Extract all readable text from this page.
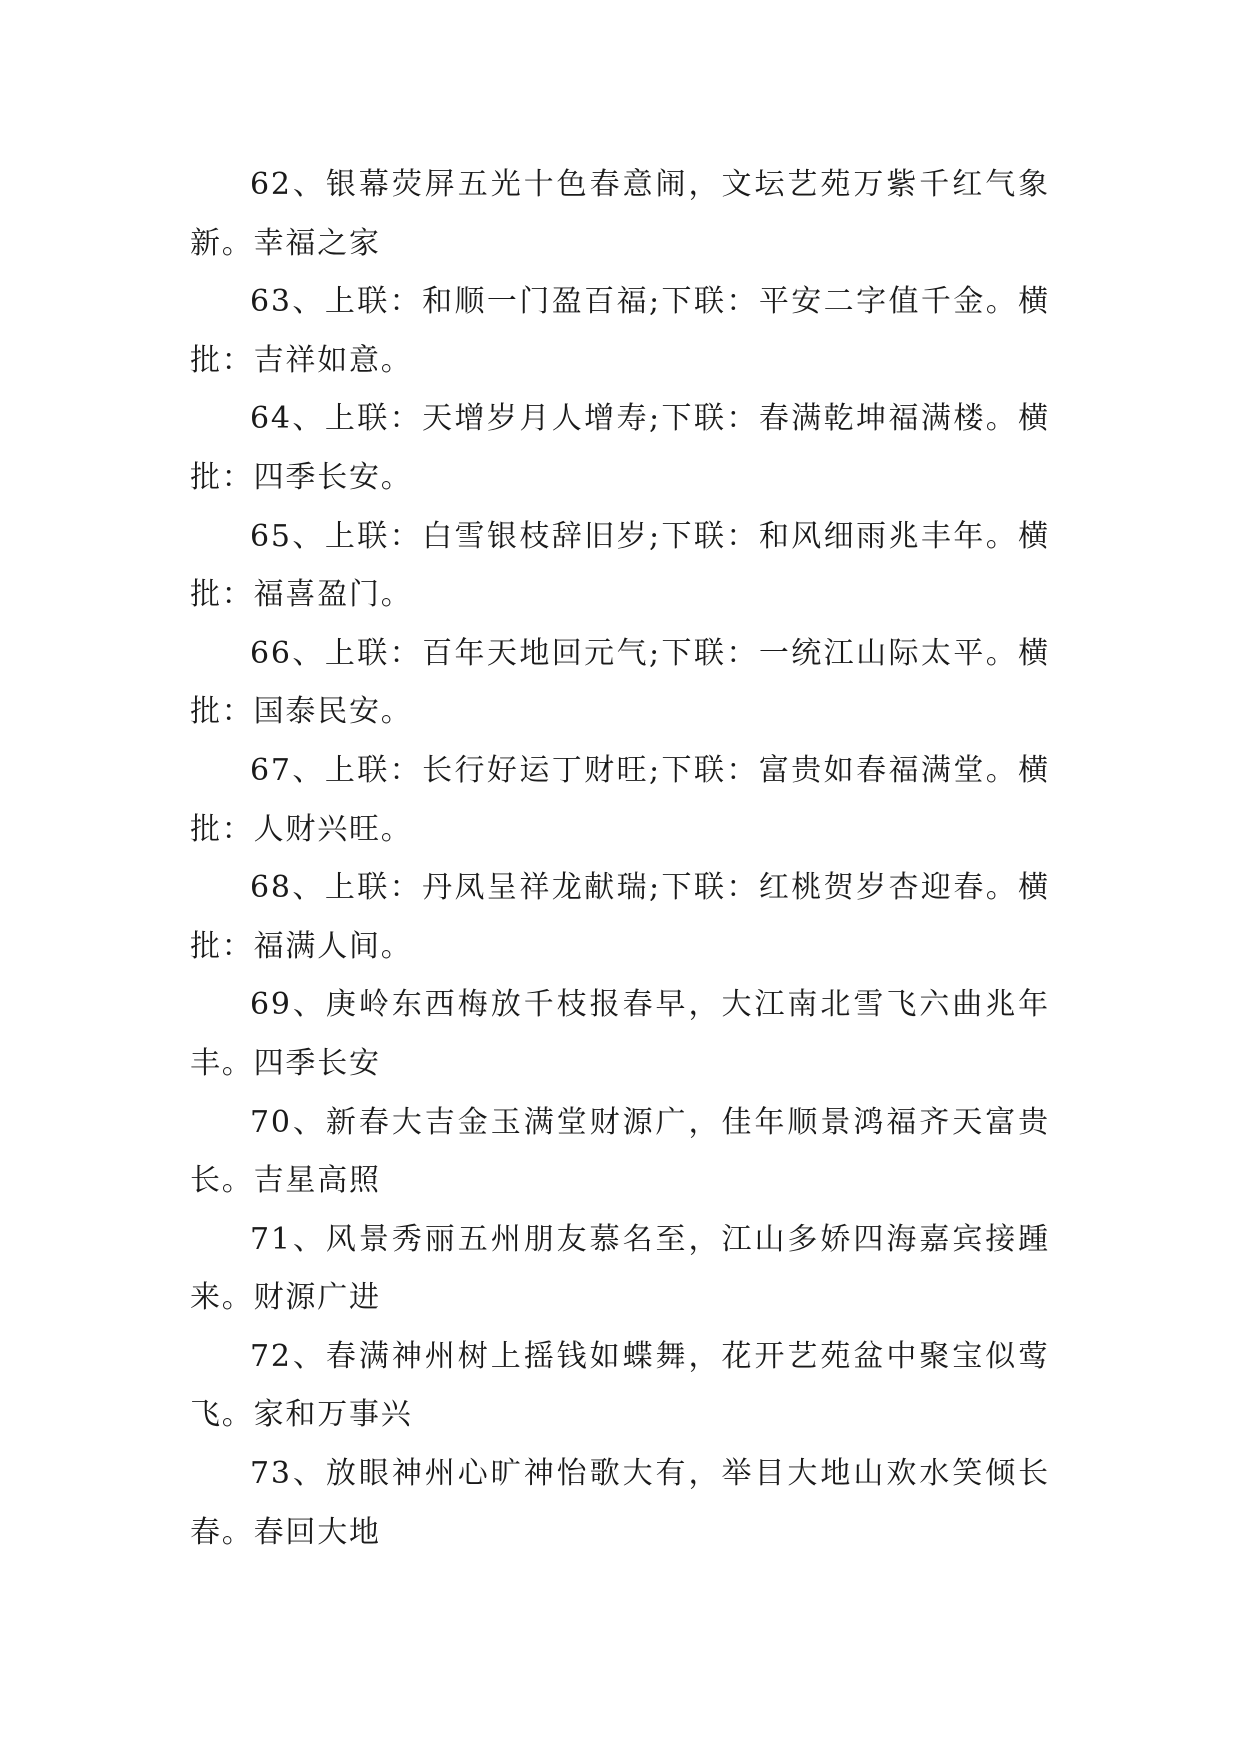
62、银幕荧屏五光十色春意闹，文坛艺苑万紫千红气象新。幸福之家

63、上联：和顺一门盈百福;下联：平安二字值千金。横批：吉祥如意。

64、上联：天增岁月人增寿;下联：春满乾坤福满楼。横批：四季长安。

65、上联：白雪银枝辞旧岁;下联：和风细雨兆丰年。横批：福喜盈门。

66、上联：百年天地回元气;下联：一统江山际太平。横批：国泰民安。

67、上联：长行好运丁财旺;下联：富贵如春福满堂。横批：人财兴旺。

68、上联：丹凤呈祥龙献瑞;下联：红桃贺岁杏迎春。横批：福满人间。

69、庚岭东西梅放千枝报春早，大江南北雪飞六曲兆年丰。四季长安

70、新春大吉金玉满堂财源广，佳年顺景鸿福齐天富贵长。吉星高照

71、风景秀丽五州朋友慕名至，江山多娇四海嘉宾接踵来。财源广进

72、春满神州树上摇钱如蝶舞，花开艺苑盆中聚宝似莺飞。家和万事兴

73、放眼神州心旷神怡歌大有，举目大地山欢水笑倾长春。春回大地
